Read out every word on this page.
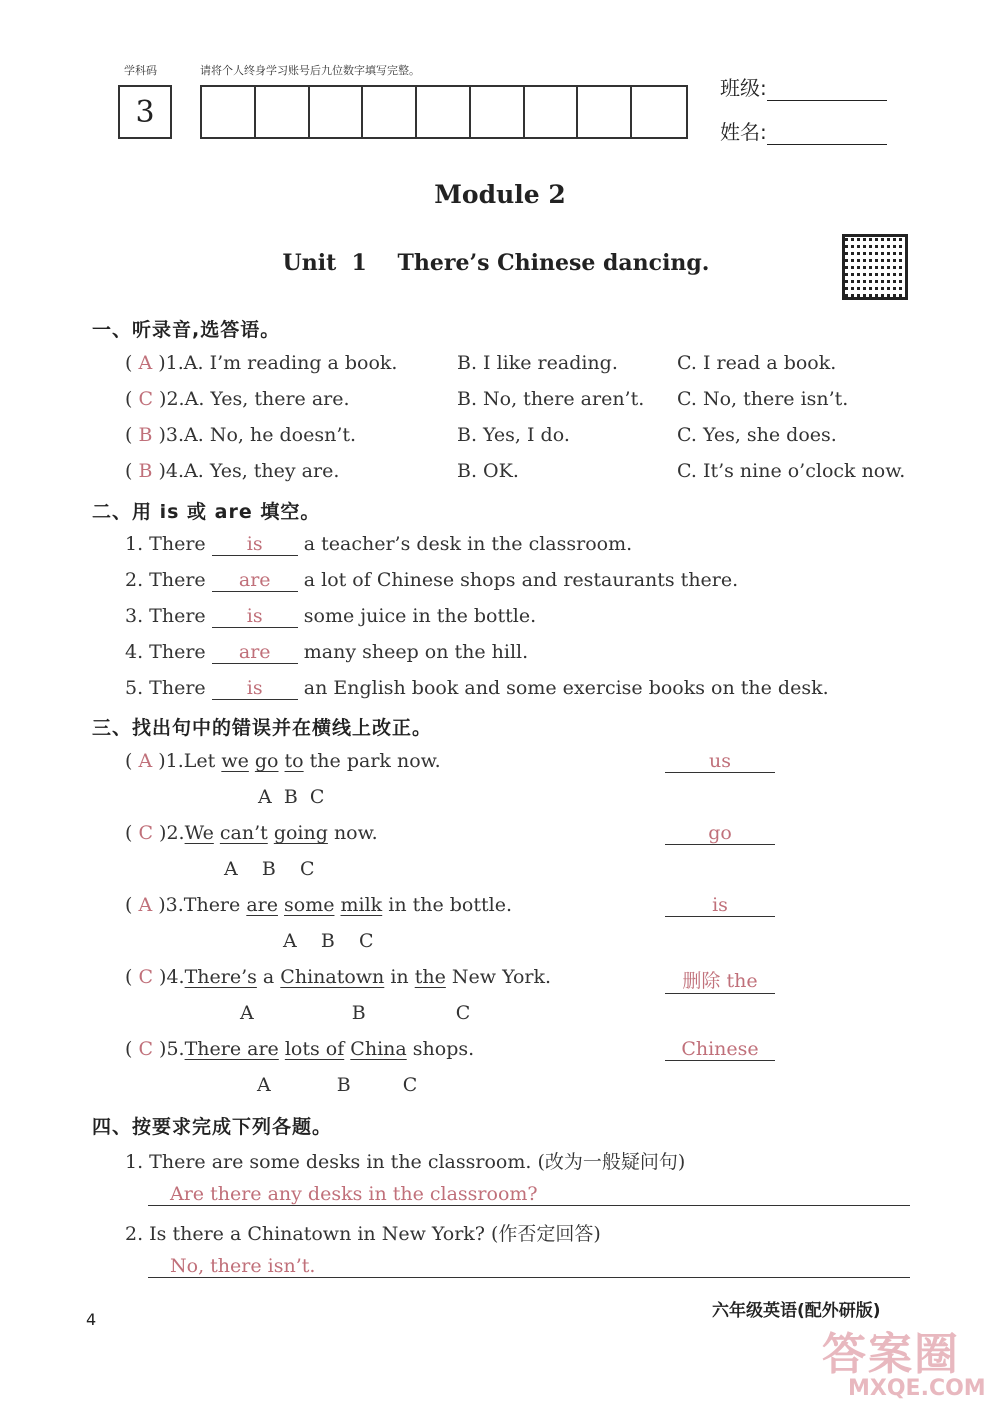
学科码	请将个人终身学习账号后九位数字填写完整。
3
班级:
姓名:
Module 2
Unit  1    There’s Chinese dancing.
一、听录音,选答语。
( A )1.A. I’m reading a book.	B. I like reading.	C. I read a book.
( C )2.A. Yes, there are.	B. No, there aren’t. C. No, there isn’t.
( B )3.A. No, he doesn’t.	B. Yes, I do.	C. Yes, she does.
( B )4.A. Yes, they are.	B. OK.	C. It’s nine o’clock now.
二、用 is 或 are 填空。
1. There is a teacher’s desk in the classroom.
2. There are a lot of Chinese shops and restaurants there.
3. There is some juice in the bottle.
4. There are many sheep on the hill.
5. There is an English book and some exercise books on the desk.
三、找出句中的错误并在横线上改正。
( A )1.Let we go to the park now.
A B C
us
( C )2.We can’t going now.
A B C
go
( A )3.There are some milk in the bottle.
A B C
is
( C )4.There’s a Chinatown in the New York.
A	B	C
删除 the
( C )5.There are lots of China shops.
A	B	C
Chinese
四、按要求完成下列各题。
1. There are some desks in the classroom. (改为一般疑问句)
Are there any desks in the classroom?
2. Is there a Chinatown in New York? (作否定回答)
No, there isn’t.
4	六年级英语(配外研版)
答案圈
MXQE.COM
